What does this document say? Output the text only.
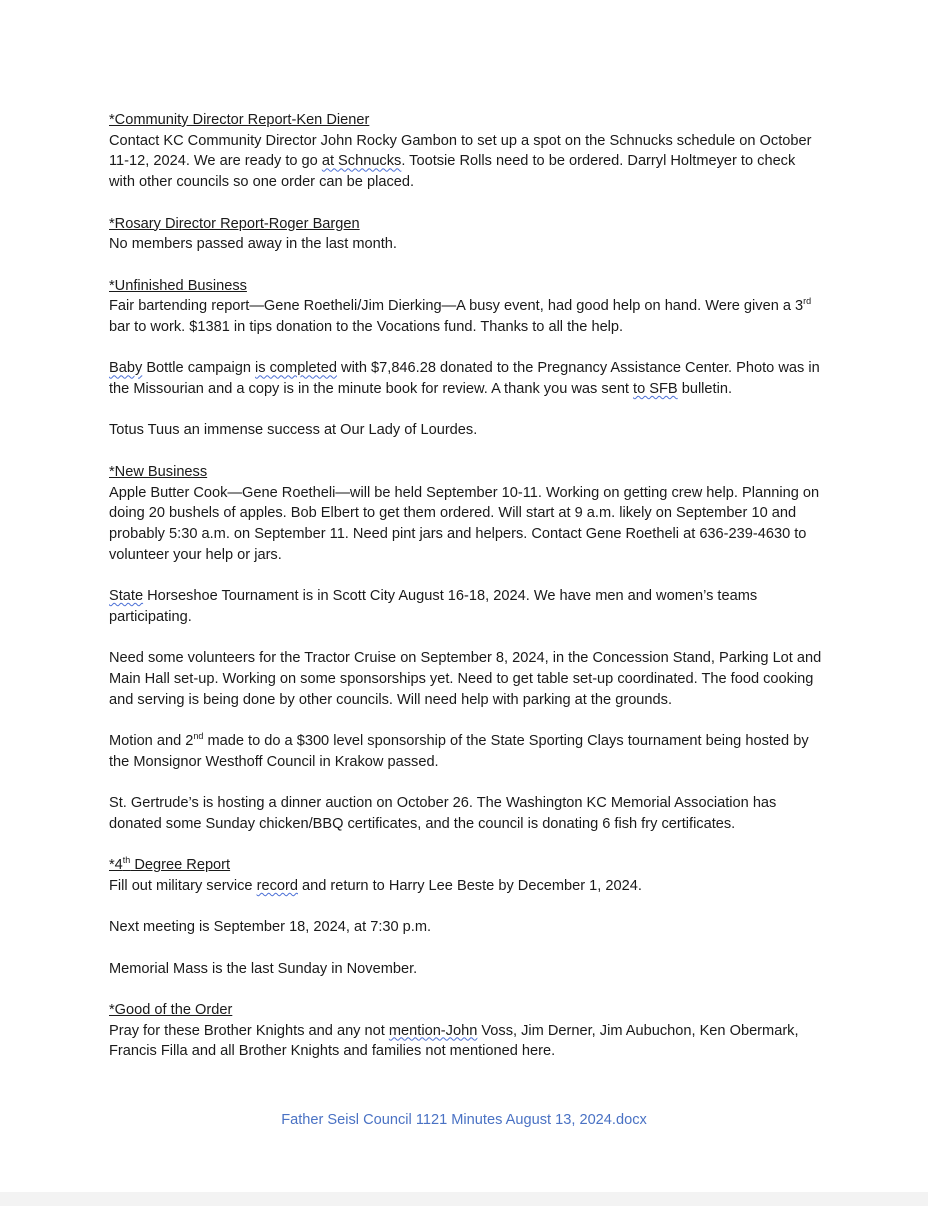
*Community Director Report-Ken Diener
Contact KC Community Director John Rocky Gambon to set up a spot on the Schnucks schedule on October 11-12, 2024. We are ready to go at Schnucks. Tootsie Rolls need to be ordered. Darryl Holtmeyer to check with other councils so one order can be placed.
*Rosary Director Report-Roger Bargen
No members passed away in the last month.
*Unfinished Business
Fair bartending report—Gene Roetheli/Jim Dierking—A busy event, had good help on hand. Were given a 3rd bar to work. $1381 in tips donation to the Vocations fund. Thanks to all the help.
Baby Bottle campaign is completed with $7,846.28 donated to the Pregnancy Assistance Center. Photo was in the Missourian and a copy is in the minute book for review. A thank you was sent to SFB bulletin.
Totus Tuus an immense success at Our Lady of Lourdes.
*New Business
Apple Butter Cook—Gene Roetheli—will be held September 10-11. Working on getting crew help. Planning on doing 20 bushels of apples. Bob Elbert to get them ordered. Will start at 9 a.m. likely on September 10 and probably 5:30 a.m. on September 11. Need pint jars and helpers. Contact Gene Roetheli at 636-239-4630 to volunteer your help or jars.
State Horseshoe Tournament is in Scott City August 16-18, 2024. We have men and women’s teams participating.
Need some volunteers for the Tractor Cruise on September 8, 2024, in the Concession Stand, Parking Lot and Main Hall set-up. Working on some sponsorships yet. Need to get table set-up coordinated. The food cooking and serving is being done by other councils. Will need help with parking at the grounds.
Motion and 2nd made to do a $300 level sponsorship of the State Sporting Clays tournament being hosted by the Monsignor Westhoff Council in Krakow passed.
St. Gertrude’s is hosting a dinner auction on October 26. The Washington KC Memorial Association has donated some Sunday chicken/BBQ certificates, and the council is donating 6 fish fry certificates.
*4th Degree Report
Fill out military service record and return to Harry Lee Beste by December 1, 2024.
Next meeting is September 18, 2024, at 7:30 p.m.
Memorial Mass is the last Sunday in November.
*Good of the Order
Pray for these Brother Knights and any not mention-John Voss, Jim Derner, Jim Aubuchon, Ken Obermark, Francis Filla and all Brother Knights and families not mentioned here.
Father Seisl Council 1121 Minutes August 13, 2024.docx
